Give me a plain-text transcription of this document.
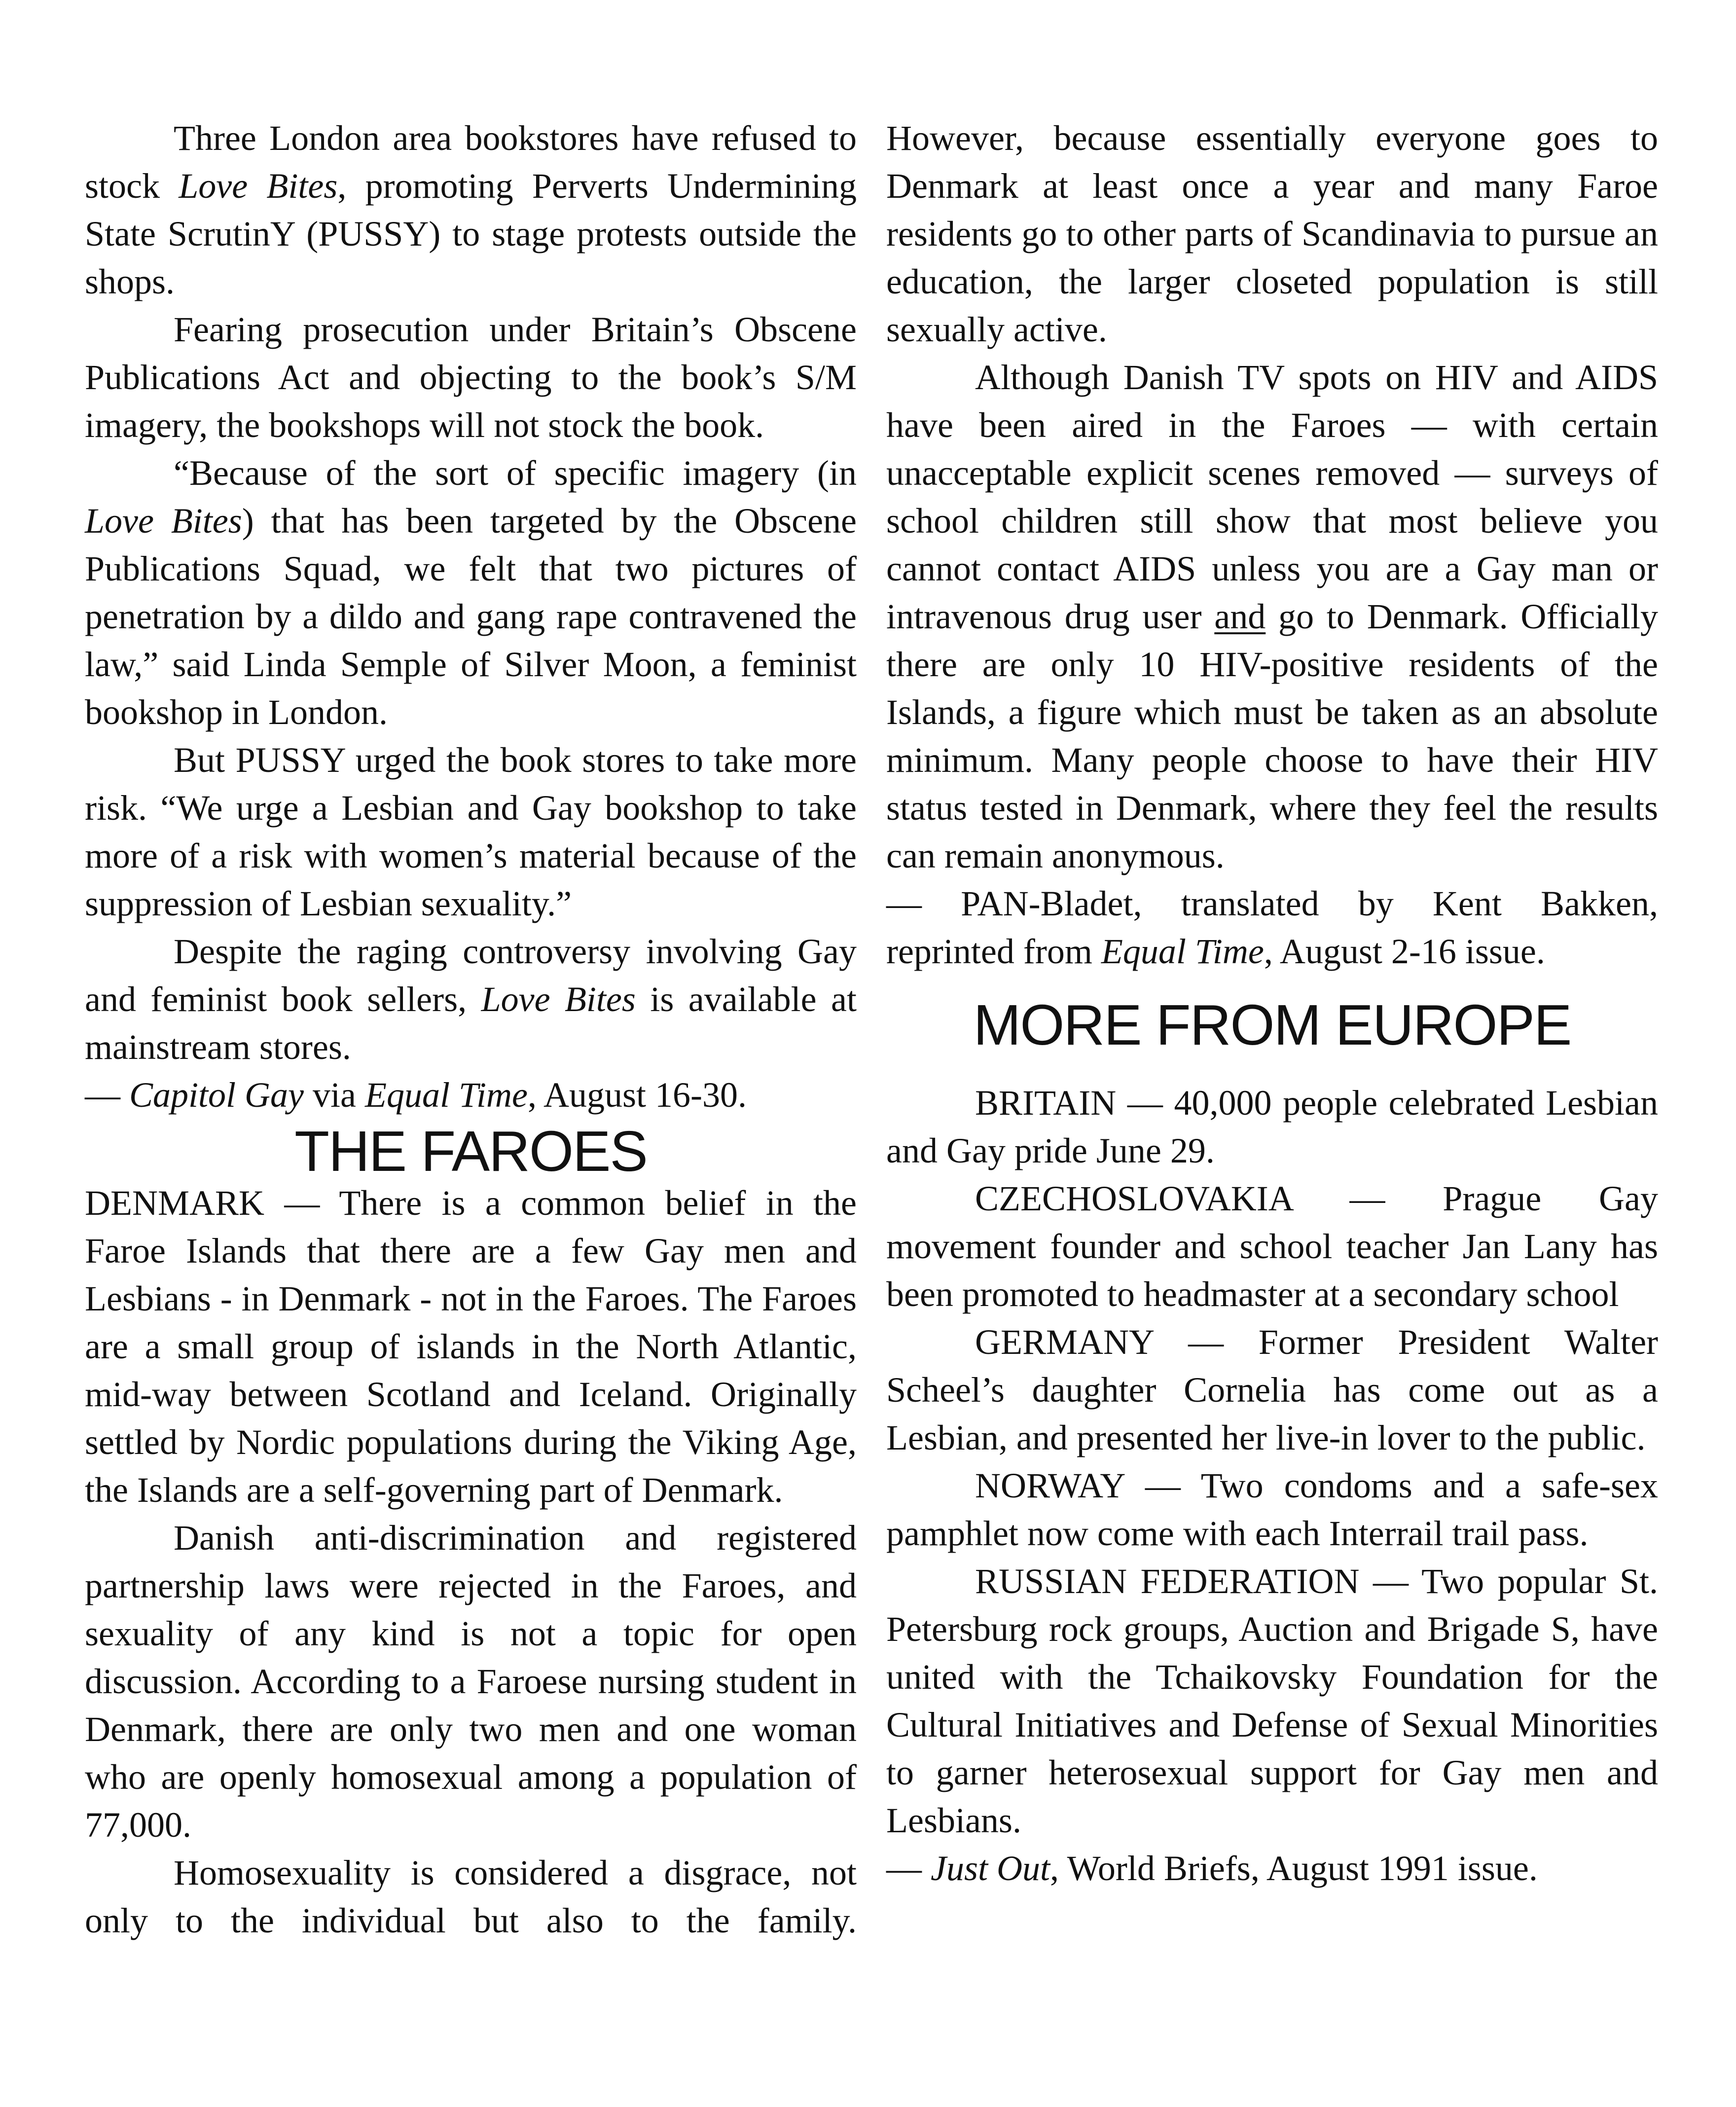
Three London area bookstores have refused to stock Love Bites, promoting Perverts Undermining State ScrutinY (PUSSY) to stage protests outside the shops.

Fearing prosecution under Britain’s Obscene Publications Act and objecting to the book’s S/M imagery, the bookshops will not stock the book.

“Because of the sort of specific imagery (in Love Bites) that has been targeted by the Obscene Publications Squad, we felt that two pictures of penetration by a dildo and gang rape contravened the law,” said Linda Semple of Silver Moon, a feminist bookshop in London.

But PUSSY urged the book stores to take more risk. “We urge a Lesbian and Gay bookshop to take more of a risk with women’s material because of the suppression of Lesbian sexuality.”

Despite the raging controversy involving Gay and feminist book sellers, Love Bites is available at mainstream stores.

— Capitol Gay via Equal Time, August 16-30.

THE FAROES

DENMARK — There is a common belief in the Faroe Islands that there are a few Gay men and Lesbians - in Denmark - not in the Faroes. The Faroes are a small group of islands in the North Atlantic, mid-way between Scotland and Iceland. Originally settled by Nordic populations during the Viking Age, the Islands are a self-governing part of Denmark.

Danish anti-discrimination and registered partnership laws were rejected in the Faroes, and sexuality of any kind is not a topic for open discussion. According to a Faroese nursing student in Denmark, there are only two men and one woman who are openly homosexual among a population of 77,000.

Homosexuality is considered a disgrace, not only to the individual but also to the family.

However, because essentially everyone goes to Denmark at least once a year and many Faroe residents go to other parts of Scandinavia to pursue an education, the larger closeted population is still sexually active.

Although Danish TV spots on HIV and AIDS have been aired in the Faroes — with certain unacceptable explicit scenes removed — surveys of school children still show that most believe you cannot contact AIDS unless you are a Gay man or intravenous drug user and go to Denmark. Officially there are only 10 HIV-positive residents of the Islands, a figure which must be taken as an absolute minimum. Many people choose to have their HIV status tested in Denmark, where they feel the results can remain anonymous.

— PAN-Bladet, translated by Kent Bakken,

reprinted from Equal Time, August 2-16 issue.

MORE FROM EUROPE

BRITAIN — 40,000 people celebrated Lesbian and Gay pride June 29.

CZECHOSLOVAKIA — Prague Gay movement founder and school teacher Jan Lany has been promoted to headmaster at a secondary school

GERMANY — Former President Walter Scheel’s daughter Cornelia has come out as a Lesbian, and presented her live-in lover to the public.

NORWAY — Two condoms and a safe-sex pamphlet now come with each Interrail trail pass.

RUSSIAN FEDERATION — Two popular St. Petersburg rock groups, Auction and Brigade S, have united with the Tchaikovsky Foundation for the Cultural Initiatives and Defense of Sexual Minorities to garner heterosexual support for Gay men and Lesbians.

— Just Out, World Briefs, August 1991 issue.
